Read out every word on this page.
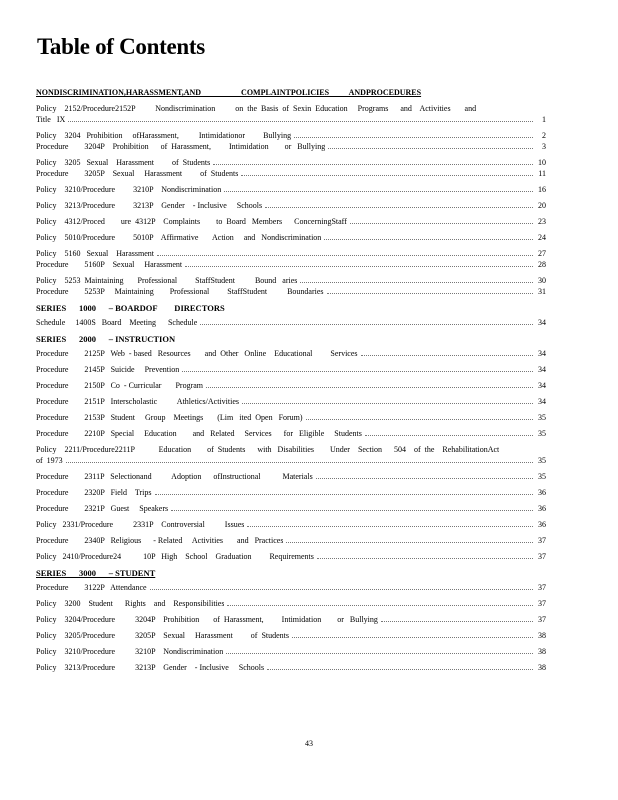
Table of Contents
NONDISCRIMINATION,HARASSMENT,AND                    COMPLAINTPOLICIES          ANDPROCEDURES
Policy    2152/Procedure2152P          Nondiscrimination          on  the  Basis  of  Sexin  Education     Programs      and    Activities       and
Title   IX	1
Policy    3204   Prohibition     ofHarassment,          Intimidationor         Bullying	2
Procedure        3204P    Prohibition      of  Harassment,         Intimidation        or   Bullying	3
Policy    3205   Sexual    Harassment         of  Students	10
Procedure        3205P    Sexual     Harassment         of  Students	11
Policy    3210/Procedure         3210P    Nondiscrimination	16
Policy    3213/Procedure         3213P    Gender    - Inclusive     Schools	20
Policy    4312/Proced        ure  4312P    Complaints        to  Board   Members      ConcerningStaff	23
Policy    5010/Procedure         5010P    Affirmative       Action     and   Nondiscrimination	24
Policy    5160   Sexual    Harassment	27
Procedure        5160P    Sexual     Harassment	28
Policy    5253  Maintaining       Professional         StaffStudent          Bound   aries	30
Procedure        5253P     Maintaining        Professional         StaffStudent          Boundaries	31
SERIES      1000      – BOARDOF        DIRECTORS
Schedule     1400S   Board    Meeting      Schedule	34
SERIES      2000      – INSTRUCTION
Procedure        2125P   Web  - based   Resources       and  Other   Online    Educational         Services	34
Procedure        2145P   Suicide     Prevention	34
Procedure        2150P   Co  - Curricular       Program	34
Procedure        2151P   Interscholastic          Athletics/Activities	34
Procedure        2153P   Student     Group    Meetings       (Lim   ited  Open   Forum)	35
Procedure        2210P   Special     Education        and   Related     Services      for   Eligible     Students	35
Policy    2211/Procedure2211P            Education        of  Students      with   Disabilities        Under    Section      504    of  the    RehabilitationAct
of  1973	35
Procedure        2311P   Selectionand          Adoption      ofInstructional           Materials	35
Procedure        2320P   Field    Trips	36
Procedure        2321P   Guest     Speakers	36
Policy   2331/Procedure          2331P    Controversial          Issues	36
Procedure        2340P   Religious      - Related     Activities       and   Practices	37
Policy   2410/Procedure24           10P   High    School    Graduation         Requirements	37
SERIES      3000      – STUDENT
Procedure        3122P   Attendance	37
Policy    3200    Student      Rights    and    Responsibilities	37
Policy    3204/Procedure          3204P    Prohibition       of  Harassment,         Intimidation        or   Bullying	37
Policy    3205/Procedure          3205P    Sexual     Harassment         of  Students	38
Policy    3210/Procedure          3210P    Nondiscrimination	38
Policy    3213/Procedure          3213P    Gender    - Inclusive     Schools	38
43
